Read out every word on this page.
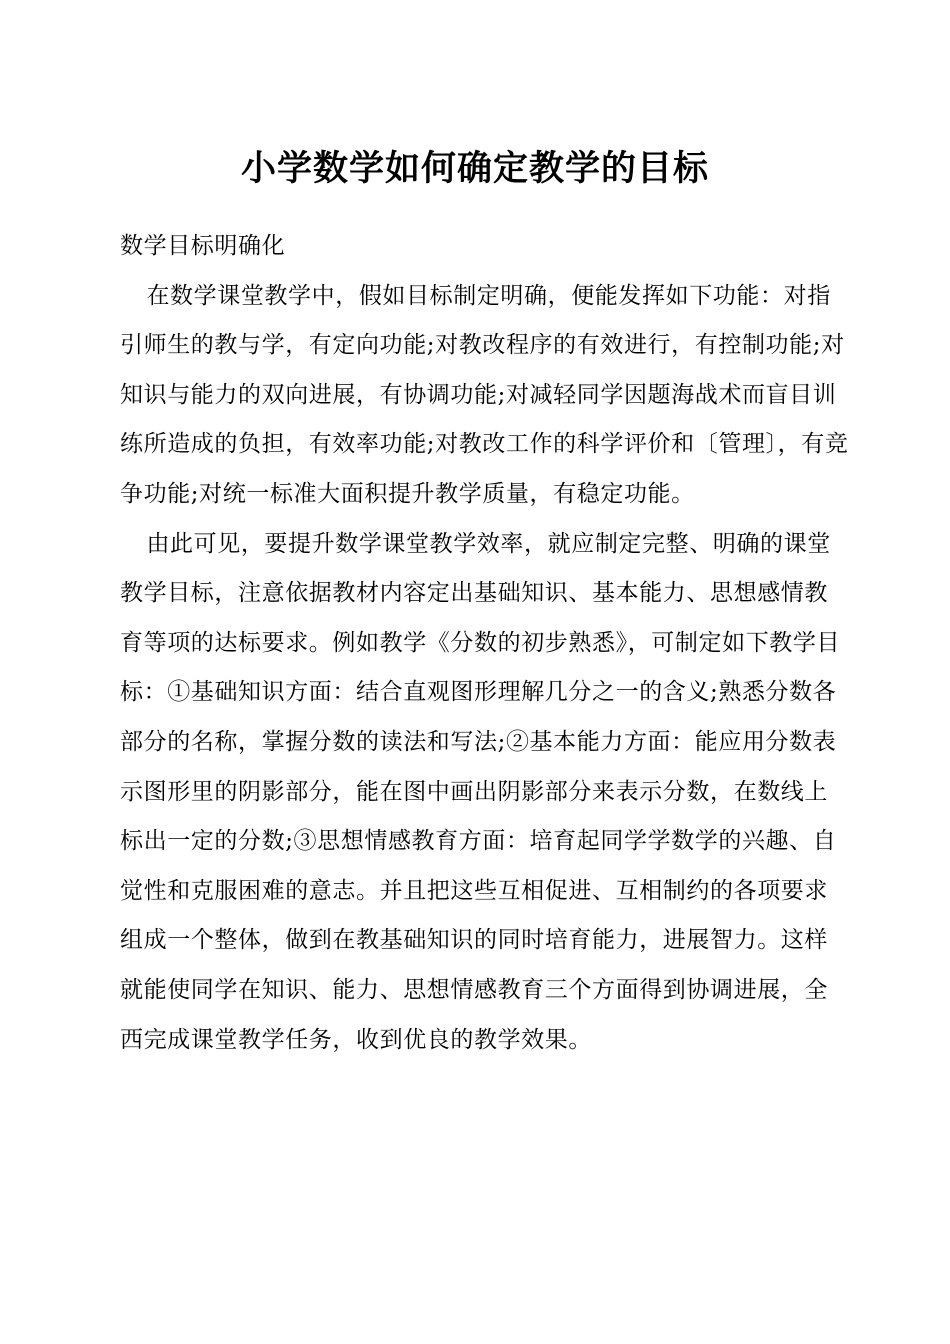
小学数学如何确定教学的目标

数学目标明确化

在数学课堂教学中，假如目标制定明确，便能发挥如下功能：对指引师生的教与学，有定向功能;对教改程序的有效进行，有控制功能;对知识与能力的双向进展，有协调功能;对减轻同学因题海战术而盲目训练所造成的负担，有效率功能;对教改工作的科学评价和〔管理〕，有竞争功能;对统一标准大面积提升教学质量，有稳定功能。

由此可见，要提升数学课堂教学效率，就应制定完整、明确的课堂教学目标，注意依据教材内容定出基础知识、基本能力、思想感情教育等项的达标要求。例如教学《分数的初步熟悉》，可制定如下教学目标：①基础知识方面：结合直观图形理解几分之一的含义;熟悉分数各部分的名称，掌握分数的读法和写法;②基本能力方面：能应用分数表示图形里的阴影部分，能在图中画出阴影部分来表示分数，在数线上标出一定的分数;③思想情感教育方面：培育起同学学数学的兴趣、自觉性和克服困难的意志。并且把这些互相促进、互相制约的各项要求组成一个整体，做到在教基础知识的同时培育能力，进展智力。这样就能使同学在知识、能力、思想情感教育三个方面得到协调进展，全西完成课堂教学任务，收到优良的教学效果。
